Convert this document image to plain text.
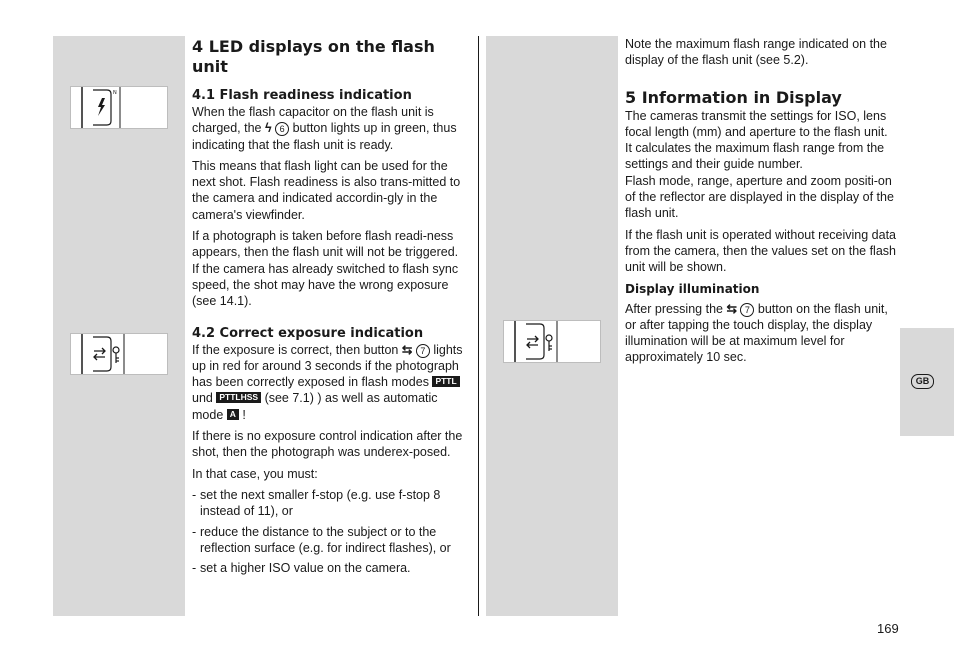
N
4 LED displays on the flash unit
4.1 Flash readiness indication

When the flash capacitor on the flash unit is charged, the ϟ 6 button lights up in green, thus indicating that the flash unit is ready.

This means that flash light can be used for the next shot. Flash readiness is also trans-mitted to the camera and indicated accordin-gly in the camera's viewfinder.

If a photograph is taken before flash readi-ness appears, then the flash unit will not be triggered. If the camera has already switched to flash sync speed, the shot may have the wrong exposure (see 14.1).

4.2 Correct exposure indication

If the exposure is correct, then button ⇆ 7 lights up in red for around 3 seconds if the photograph has been correctly exposed in flash modes PTTL und PTTLHSS (see 7.1) ) as well as automatic mode A !

If there is no exposure control indication after the shot, then the photograph was underex-posed.

In that case, you must:

- set the next smaller f-stop (e.g. use f-stop 8 instead of 11), or
- reduce the distance to the subject or to the reflection surface (e.g. for indirect flashes), or
- set a higher ISO value on the camera.

Note the maximum flash range indicated on the display of the flash unit (see 5.2).

5 Information in Display

The cameras transmit the settings for ISO, lens focal length (mm) and aperture to the flash unit.

It calculates the maximum flash range from the settings and their guide number.

Flash mode, range, aperture and zoom positi-on of the reflector are displayed in the display of the flash unit.

If the flash unit is operated without receiving data from the camera, then the values set on the flash unit will be shown.

Display illumination

After pressing the ⇆ 7 button on the flash unit, or after tapping the touch display, the display illumination will be at maximum level for approximately 10 sec.

GB
169
